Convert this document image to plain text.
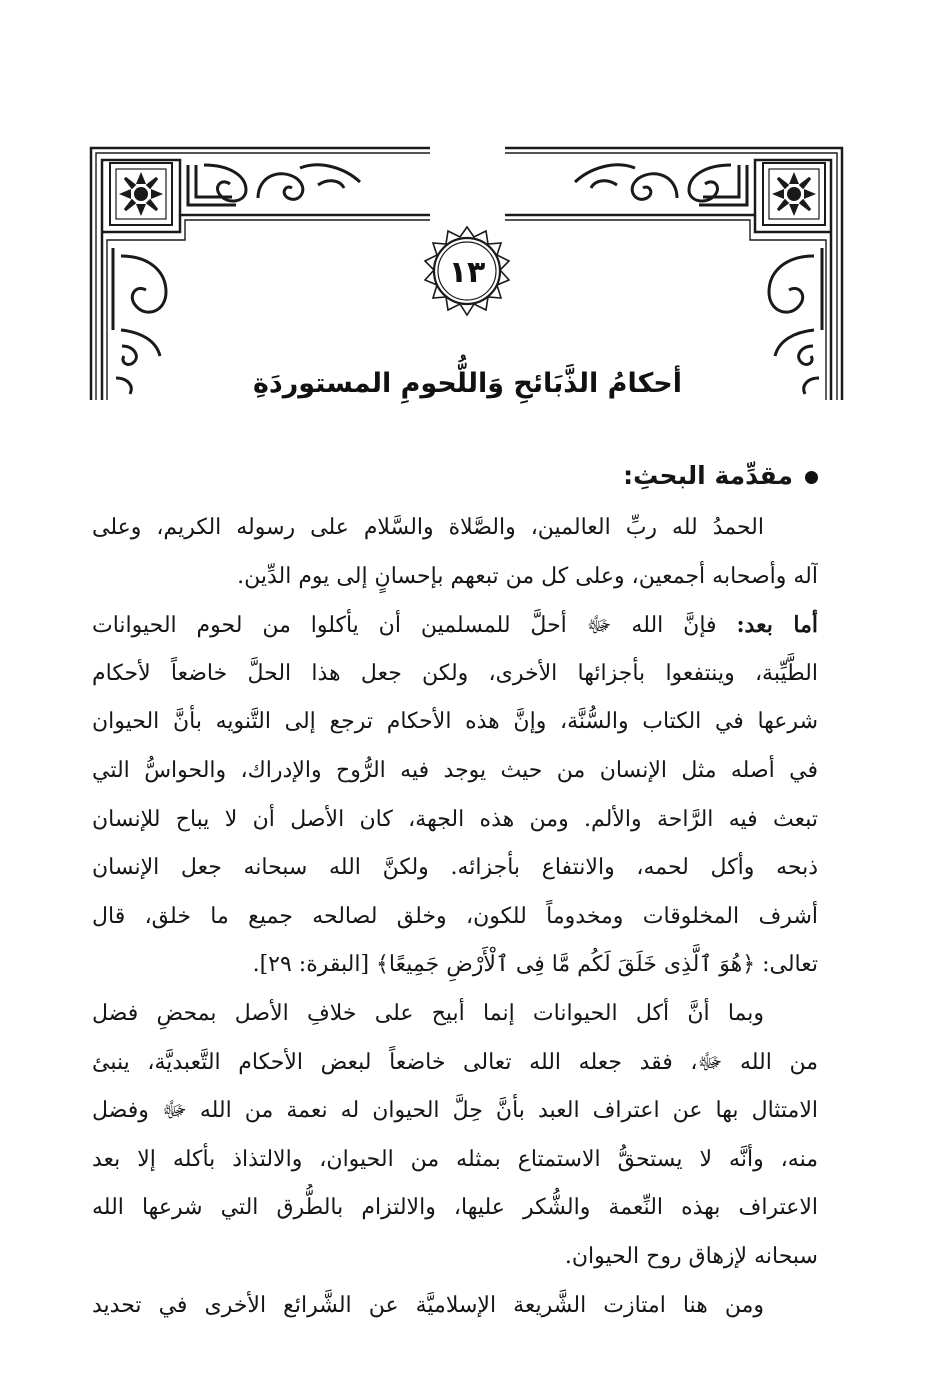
١٣
أحكامُ الذَّبَائحِ وَاللُّحومِ المستوردَةِ
مقدِّمة البحثِ:
الحمدُ لله ربِّ العالمين، والصَّلاة والسَّلام على رسوله الكريم، وعلى
آله وأصحابه أجمعين، وعلى كل من تبعهم بإحسانٍ إلى يوم الدِّين.
أما بعد: فإنَّ الله ﷻ أحلَّ للمسلمين أن يأكلوا من لحوم الحيوانات
الطَّيِّبة، وينتفعوا بأجزائها الأخرى، ولكن جعل هذا الحلَّ خاضعاً لأحكام
شرعها في الكتاب والسُّنَّة، وإنَّ هذه الأحكام ترجع إلى التَّنويه بأنَّ الحيوان
في أصله مثل الإنسان من حيث يوجد فيه الرُّوح والإدراك، والحواسُّ التي
تبعث فيه الرَّاحة والألم. ومن هذه الجهة، كان الأصل أن لا يباح للإنسان
ذبحه وأكل لحمه، والانتفاع بأجزائه. ولكنَّ الله سبحانه جعل الإنسان
أشرف المخلوقات ومخدوماً للكون، وخلق لصالحه جميع ما خلق، قال
تعالى: ﴿هُوَ ٱلَّذِى خَلَقَ لَكُم مَّا فِى ٱلْأَرْضِ جَمِيعًا﴾ [البقرة: ٢٩].
وبما أنَّ أكل الحيوانات إنما أبيح على خلافِ الأصل بمحضِ فضل
من الله ﷻ، فقد جعله الله تعالى خاضعاً لبعض الأحكام التَّعبديَّة، ينبئ
الامتثال بها عن اعتراف العبد بأنَّ حِلَّ الحيوان له نعمة من الله ﷻ وفضل
منه، وأنَّه لا يستحقُّ الاستمتاع بمثله من الحيوان، والالتذاذ بأكله إلا بعد
الاعتراف بهذه النِّعمة والشُّكر عليها، والالتزام بالطُّرق التي شرعها الله
سبحانه لإزهاق روح الحيوان.
ومن هنا امتازت الشَّريعة الإسلاميَّة عن الشَّرائع الأخرى في تحديد
